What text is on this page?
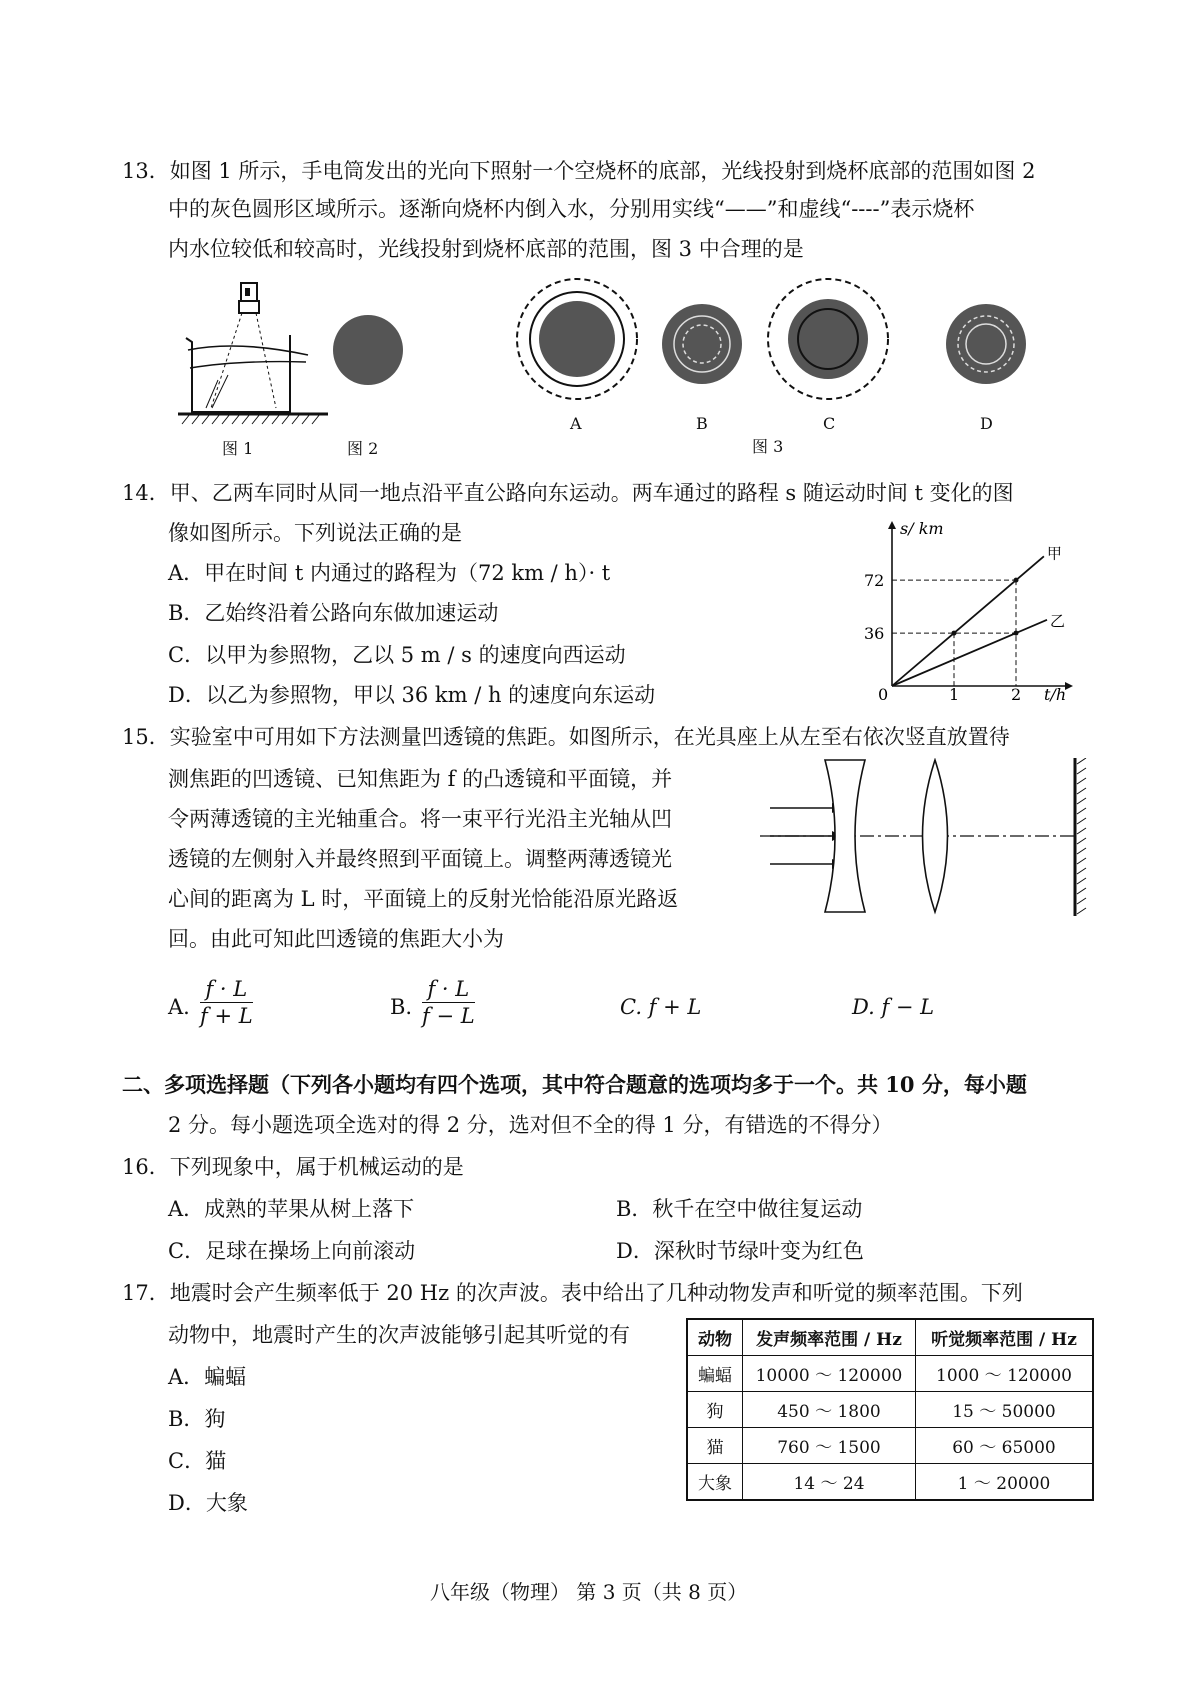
13．如图 1 所示，手电筒发出的光向下照射一个空烧杯的底部，光线投射到烧杯底部的范围如图 2
中的灰色圆形区域所示。逐渐向烧杯内倒入水，分别用实线“——”和虚线“----”表示烧杯
内水位较低和较高时，光线投射到烧杯底部的范围，图 3 中合理的是
图 1	图 2
A	B	C	D
图 3
14．甲、乙两车同时从同一地点沿平直公路向东运动。两车通过的路程 s 随运动时间 t 变化的图
像如图所示。下列说法正确的是
A．甲在时间 t 内通过的路程为（72 km / h）· t
B．乙始终沿着公路向东做加速运动
C．以甲为参照物，乙以 5 m / s 的速度向西运动
D．以乙为参照物，甲以 36 km / h 的速度向东运动
s/ km
t/h
0	1	2
36
72
甲
乙
15．实验室中可用如下方法测量凹透镜的焦距。如图所示，在光具座上从左至右依次竖直放置待
测焦距的凹透镜、已知焦距为 f 的凸透镜和平面镜，并
令两薄透镜的主光轴重合。将一束平行光沿主光轴从凹
透镜的左侧射入并最终照到平面镜上。调整两薄透镜光
心间的距离为 L 时，平面镜上的反射光恰能沿原光路返
回。由此可知此凹透镜的焦距大小为
A. $\frac{f \cdot L}{f + L}$	B. $\frac{f \cdot L}{f - L}$	C. f + L	D. f − L
二、多项选择题（下列各小题均有四个选项，其中符合题意的选项均多于一个。共 10 分，每小题
2 分。每小题选项全选对的得 2 分，选对但不全的得 1 分，有错选的不得分）
16．下列现象中，属于机械运动的是
A．成熟的苹果从树上落下	B．秋千在空中做往复运动
C．足球在操场上向前滚动	D．深秋时节绿叶变为红色
17．地震时会产生频率低于 20 Hz 的次声波。表中给出了几种动物发声和听觉的频率范围。下列
动物中，地震时产生的次声波能够引起其听觉的有
A．蝙蝠
B．狗
C．猫
D．大象
动物	发声频率范围 / Hz	听觉频率范围 / Hz
蝙蝠	10000 ～ 120000	1000 ～ 120000
狗	450 ～ 1800	15 ～ 50000
猫	760 ～ 1500	60 ～ 65000
大象	14 ～ 24	1 ～ 20000
八年级（物理） 第 3 页（共 8 页）
